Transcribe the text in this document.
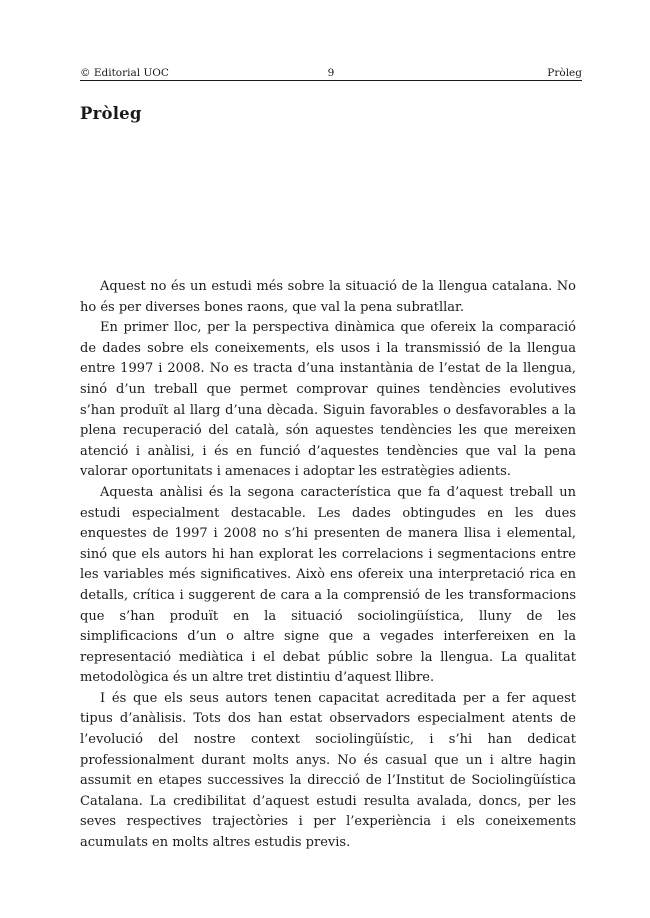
© Editorial UOC	9	Pròleg
Pròleg

Aquest no és un estudi més sobre la situació de la llengua catalana. No ho és per diverses bones raons, que val la pena subratllar.

En primer lloc, per la perspectiva dinàmica que ofereix la comparació de dades sobre els coneixements, els usos i la transmissió de la llengua entre 1997 i 2008. No es tracta d’una instantània de l’estat de la llengua, sinó d’un treball que permet comprovar quines tendències evolutives s’han produït al llarg d’una dècada. Siguin favorables o desfavorables a la plena recuperació del català, són aquestes tendències les que mereixen atenció i anàlisi, i és en funció d’aquestes tendències que val la pena valorar oportunitats i amenaces i adoptar les estratègies adients.

Aquesta anàlisi és la segona característica que fa d’aquest treball un estudi especialment destacable. Les dades obtingudes en les dues enquestes de 1997 i 2008 no s’hi presenten de manera llisa i elemental, sinó que els autors hi han explorat les correlacions i segmentacions entre les variables més significatives. Això ens ofereix una interpretació rica en detalls, crítica i suggerent de cara a la comprensió de les transformacions que s’han produït en la situació sociolingüística, lluny de les simplificacions d’un o altre signe que a vegades interfereixen en la representació mediàtica i el debat públic sobre la llengua. La qualitat metodològica és un altre tret distintiu d’aquest llibre.

I és que els seus autors tenen capacitat acreditada per a fer aquest tipus d’anàlisis. Tots dos han estat observadors especialment atents de l’evolució del nostre context sociolingüístic, i s’hi han dedicat professionalment durant molts anys. No és casual que un i altre hagin assumit en etapes successives la direcció de l’Institut de Sociolingüística Catalana. La credibilitat d’aquest estudi resulta avalada, doncs, per les seves respectives trajectòries i per l’experiència i els coneixements acumulats en molts altres estudis previs.
